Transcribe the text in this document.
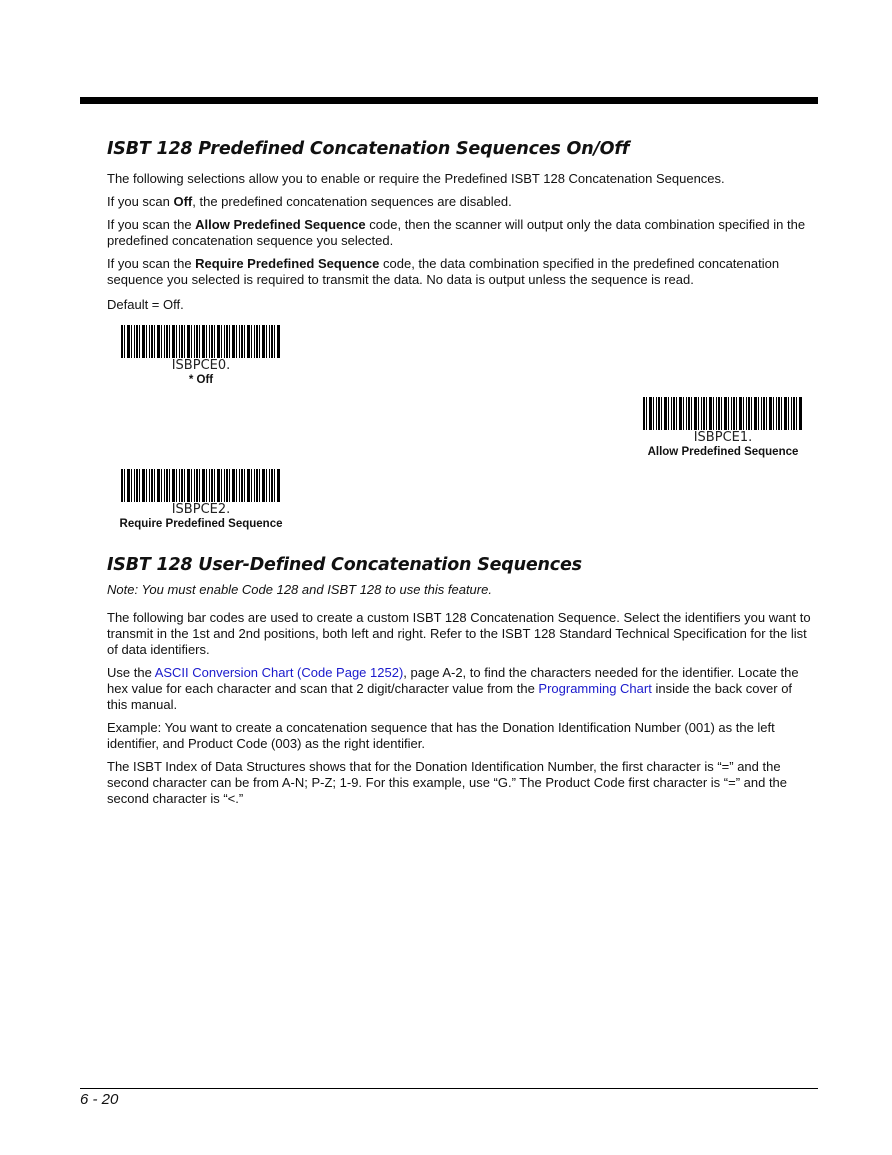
ISBT 128 Predefined Concatenation Sequences On/Off

The following selections allow you to enable or require the Predefined ISBT 128 Concatenation Sequences.

If you scan Off, the predefined concatenation sequences are disabled.

If you scan the Allow Predefined Sequence code, then the scanner will output only the data combination specified in the predefined concatenation sequence you selected.

If you scan the Require Predefined Sequence code, the data combination specified in the predefined concatenation sequence you selected is required to transmit the data. No data is output unless the sequence is read.

Default = Off.

ISBPCE0.
* Off
ISBPCE1.
Allow Predefined Sequence
ISBPCE2.
Require Predefined Sequence
ISBT 128 User-Defined Concatenation Sequences

Note: You must enable Code 128 and ISBT 128 to use this feature.

The following bar codes are used to create a custom ISBT 128 Concatenation Sequence. Select the identifiers you want to transmit in the 1st and 2nd positions, both left and right. Refer to the ISBT 128 Standard Technical Specification for the list of data identifiers.

Use the ASCII Conversion Chart (Code Page 1252), page A-2, to find the characters needed for the identifier. Locate the hex value for each character and scan that 2 digit/character value from the Programming Chart inside the back cover of this manual.

Example: You want to create a concatenation sequence that has the Donation Identification Number (001) as the left identifier, and Product Code (003) as the right identifier.

The ISBT Index of Data Structures shows that for the Donation Identification Number, the first character is “=” and the second character can be from A-N; P-Z; 1-9. For this example, use “G.” The Product Code first character is “=” and the second character is “<.”

6 - 20
